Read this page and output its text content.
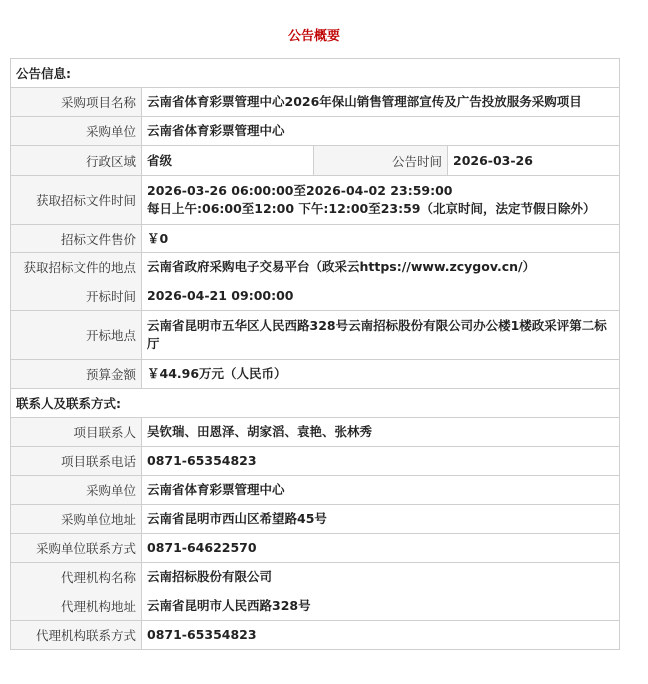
公告概要
公告信息:			
采购项目名称	云南省体育彩票管理中心2026年保山销售管理部宣传及广告投放服务采购项目		
采购单位	云南省体育彩票管理中心		
行政区域	省级	公告时间	2026-03-26
获取招标文件时间	2026-03-26 06:00:00至2026-04-02 23:59:00
每日上午:06:00至12:00 下午:12:00至23:59（北京时间，法定节假日除外）		

招标文件售价	￥0		
获取招标文件的地点	云南省政府采购电子交易平台（政采云https://www.zcygov.cn/）		
开标时间	2026-04-21 09:00:00		
开标地点	云南省昆明市五华区人民西路328号云南招标股份有限公司办公楼1楼政采评第二标厅		
预算金额	￥44.96万元（人民币）		
联系人及联系方式:			
项目联系人	吴钦瑞、田恩泽、胡家滔、袁艳、张林秀		
项目联系电话	0871-65354823		
采购单位	云南省体育彩票管理中心		
采购单位地址	云南省昆明市西山区希望路45号		
采购单位联系方式	0871-64622570		
代理机构名称	云南招标股份有限公司		
代理机构地址	云南省昆明市人民西路328号		
代理机构联系方式	0871-65354823		
